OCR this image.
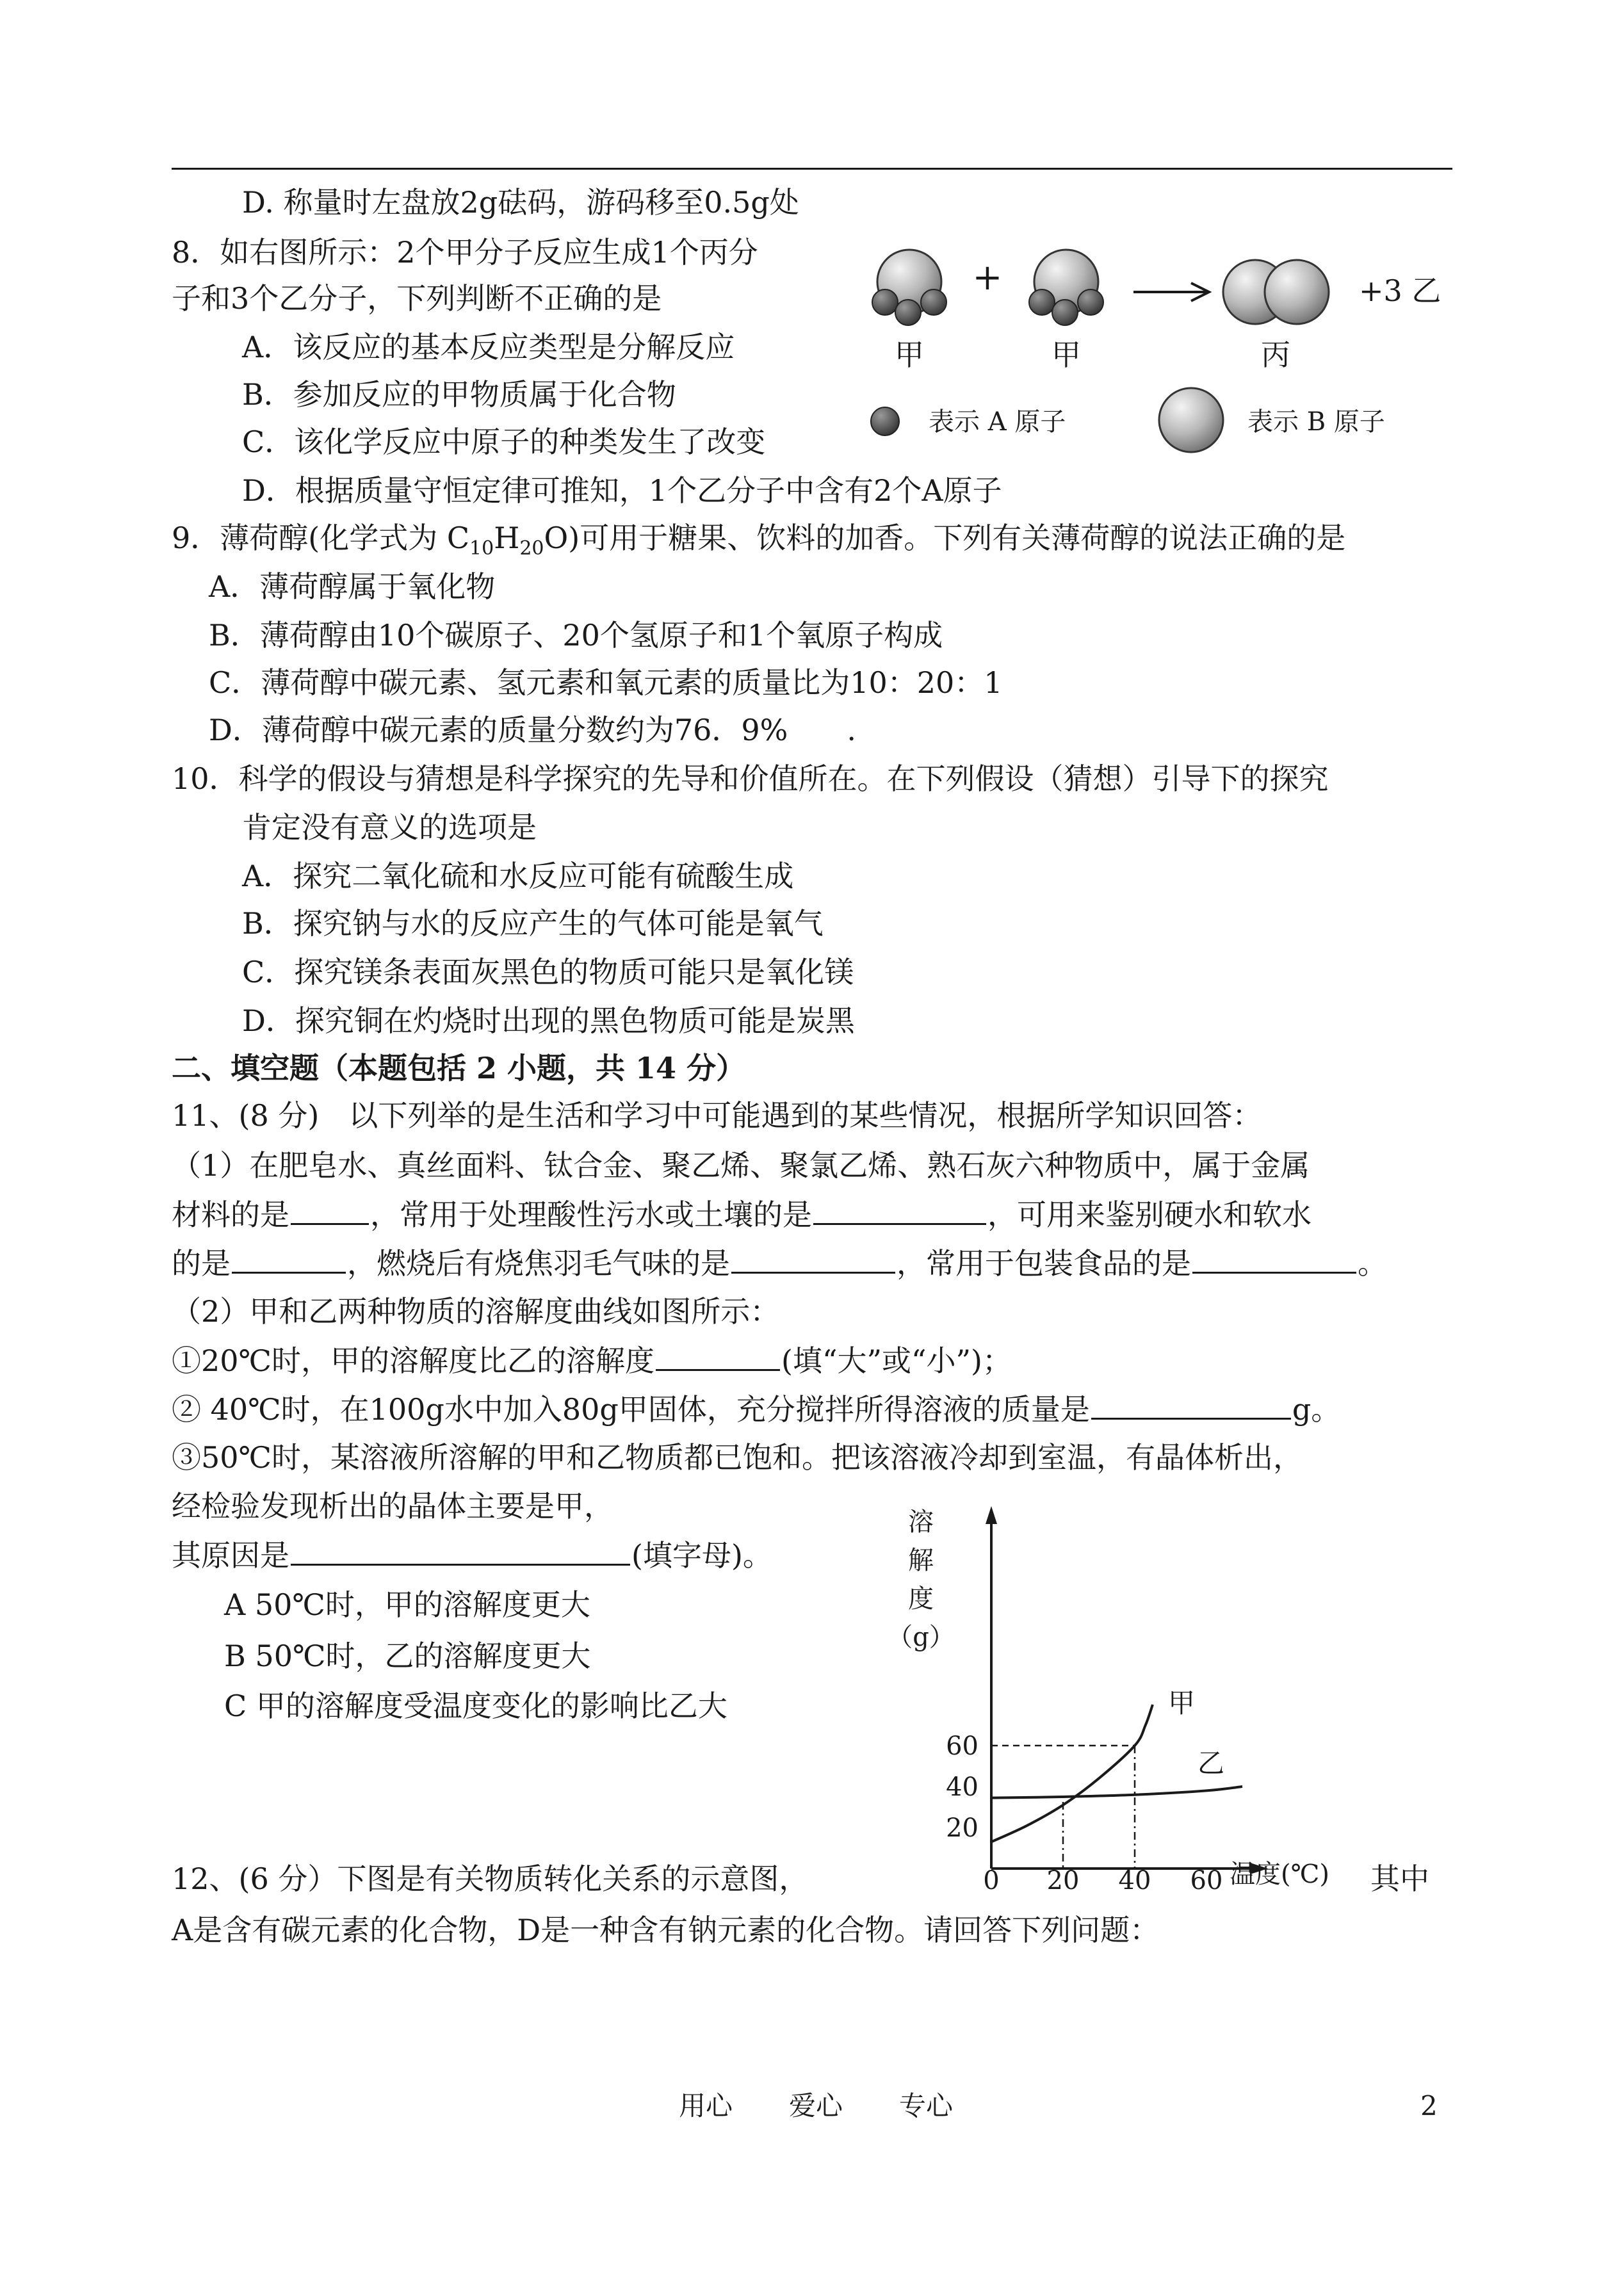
D. 称量时左盘放2g砝码，游码移至0.5g处
8．如右图所示：2个甲分子反应生成1个丙分
子和3个乙分子，下列判断不正确的是
A．该反应的基本反应类型是分解反应
B．参加反应的甲物质属于化合物
C．该化学反应中原子的种类发生了改变
D．根据质量守恒定律可推知，1个乙分子中含有2个A原子
+	+3 乙
甲	甲	丙
表示 A 原子	表示 B 原子
9．薄荷醇(化学式为 $C_{10}H_{20}O$)可用于糖果、饮料的加香。下列有关薄荷醇的说法正确的是
A．薄荷醇属于氧化物
B．薄荷醇由10个碳原子、20个氢原子和1个氧原子构成
C．薄荷醇中碳元素、氢元素和氧元素的质量比为10：20：1
D．薄荷醇中碳元素的质量分数约为76．9%　　.
10．科学的假设与猜想是科学探究的先导和价值所在。在下列假设（猜想）引导下的探究
肯定没有意义的选项是
A．探究二氧化硫和水反应可能有硫酸生成
B．探究钠与水的反应产生的气体可能是氧气
C．探究镁条表面灰黑色的物质可能只是氧化镁
D．探究铜在灼烧时出现的黑色物质可能是炭黑
二、填空题（本题包括 2 小题，共 14 分）
11、(8 分)　以下列举的是生活和学习中可能遇到的某些情况，根据所学知识回答：
（1）在肥皂水、真丝面料、钛合金、聚乙烯、聚氯乙烯、熟石灰六种物质中，属于金属
材料的是	，常用于处理酸性污水或土壤的是	，可用来鉴别硬水和软水
的是	，燃烧后有烧焦羽毛气味的是	，常用于包装食品的是	。
（2）甲和乙两种物质的溶解度曲线如图所示：
①20℃时，甲的溶解度比乙的溶解度	(填“大”或“小”)；
② 40℃时，在100g水中加入80g甲固体，充分搅拌所得溶液的质量是	g。
③50℃时，某溶液所溶解的甲和乙物质都已饱和。把该溶液冷却到室温，有晶体析出，
经检验发现析出的晶体主要是甲，
其原因是	(填字母)。
A 50℃时，甲的溶解度更大
B 50℃时，乙的溶解度更大
C 甲的溶解度受温度变化的影响比乙大
溶
解
度
（g）
甲
乙
0 20 40 60
20
40
60
温度(℃)
12、(6 分）下图是有关物质转化关系的示意图，	其中
A是含有碳元素的化合物，D是一种含有钠元素的化合物。请回答下列问题：
用心 爱心 专心	2
